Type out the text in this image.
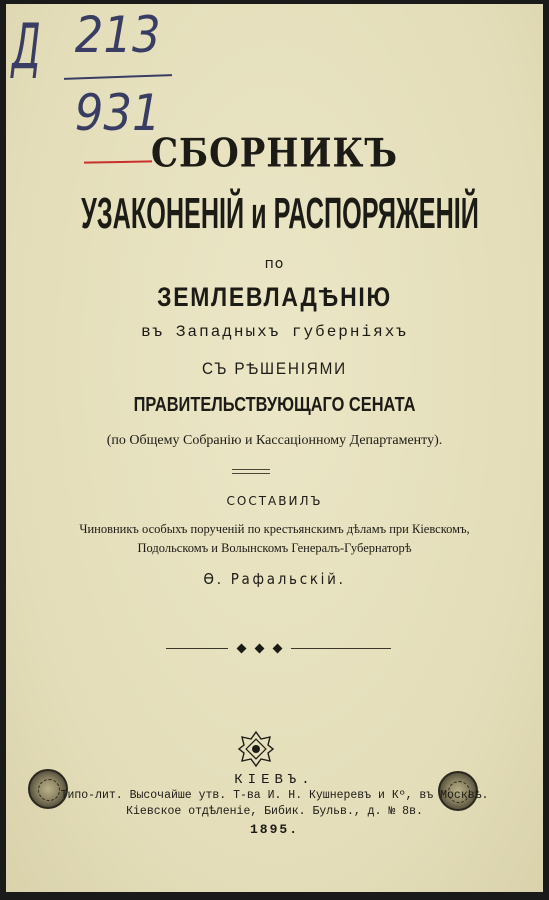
Д 213
931
СБОРНИКЪ
УЗАКОНЕНІЙ и РАСПОРЯЖЕНІЙ
по
ЗЕМЛЕВЛАДѢНІЮ
въ Западныхъ губерніяхъ
СЪ РѢШЕНІЯМИ
ПРАВИТЕЛЬСТВУЮЩАГО СЕНАТА
(по Общему Собранію и Кассаціонному Департаменту).
СОСТАВИЛЪ
Чиновникъ особыхъ порученій по крестьянскимъ дѣламъ при Кіевскомъ,
Подольскомъ и Волынскомъ Генералъ-Губернаторѣ
Ѳ. Рафальскій.
КІЕВЪ.
Типо-лит. Высочайше утв. Т-ва И. Н. Кушнеревъ и Кº, въ Москвѣ.
Кіевское отдѣленіе, Бибик. Бульв., д. № 8в.
1895.
